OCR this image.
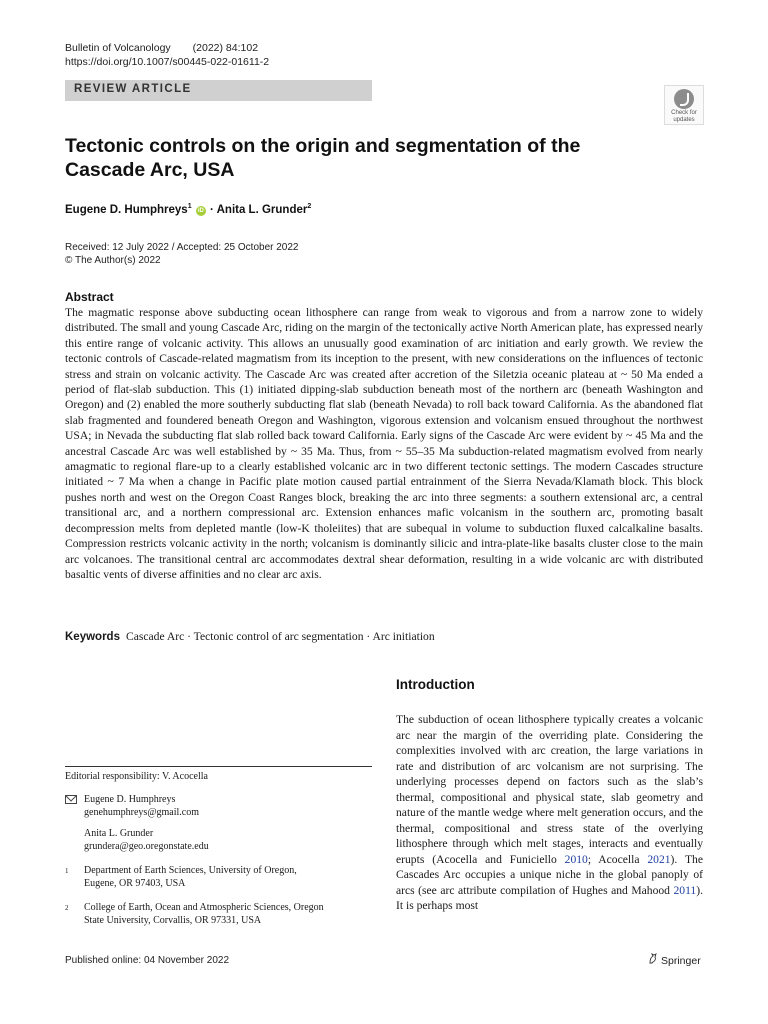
Bulletin of Volcanology (2022) 84:102
https://doi.org/10.1007/s00445-022-01611-2
REVIEW ARTICLE
Check for
updates
Tectonic controls on the origin and segmentation of the Cascade Arc, USA
Eugene D. Humphreys$^1$ iD · Anita L. Grunder$^2$
Received: 12 July 2022 / Accepted: 25 October 2022
© The Author(s) 2022
Abstract

The magmatic response above subducting ocean lithosphere can range from weak to vigorous and from a narrow zone to widely distributed. The small and young Cascade Arc, riding on the margin of the tectonically active North American plate, has expressed nearly this entire range of volcanic activity. This allows an unusually good examination of arc initiation and early growth. We review the tectonic controls of Cascade-related magmatism from its inception to the present, with new considerations on the influences of tectonic stress and strain on volcanic activity. The Cascade Arc was created after accretion of the Siletzia oceanic plateau at ~ 50 Ma ended a period of flat-slab subduction. This (1) initiated dipping-slab subduction beneath most of the northern arc (beneath Washington and Oregon) and (2) enabled the more southerly subducting flat slab (beneath Nevada) to roll back toward California. As the abandoned flat slab fragmented and foundered beneath Oregon and Washington, vigorous extension and volcanism ensued throughout the northwest USA; in Nevada the subducting flat slab rolled back toward California. Early signs of the Cascade Arc were evident by ~ 45 Ma and the ancestral Cascade Arc was well established by ~ 35 Ma. Thus, from ~ 55–35 Ma subduction-related magmatism evolved from nearly amagmatic to regional flare-up to a clearly established volcanic arc in two different tectonic settings. The modern Cascades structure initiated ~ 7 Ma when a change in Pacific plate motion caused partial entrainment of the Sierra Nevada/Klamath block. This block pushes north and west on the Oregon Coast Ranges block, breaking the arc into three segments: a southern extensional arc, a central transitional arc, and a northern compressional arc. Extension enhances mafic volcanism in the southern arc, promoting basalt decompression melts from depleted mantle (low-K tholeiites) that are subequal in volume to subduction fluxed calcalkaline basalts. Compression restricts volcanic activity in the north; volcanism is dominantly silicic and intra-plate-like basalts cluster close to the main arc volcanoes. The transitional central arc accommodates dextral shear deformation, resulting in a wide volcanic arc with distributed basaltic vents of diverse affinities and no clear arc axis.

Keywords Cascade Arc · Tectonic control of arc segmentation · Arc initiation
Introduction

The subduction of ocean lithosphere typically creates a volcanic arc near the margin of the overriding plate. Considering the complexities involved with arc creation, the large variations in rate and distribution of arc volcanism are not surprising. The underlying processes depend on factors such as the slab’s thermal, compositional and physical state, slab geometry and nature of the mantle wedge where melt generation occurs, and the thermal, compositional and stress state of the overlying lithosphere through which melt stages, interacts and eventually erupts (Acocella and Funiciello 2010; Acocella 2021). The Cascades Arc occupies a unique niche in the global panoply of arcs (see arc attribute compilation of Hughes and Mahood 2011). It is perhaps most

Editorial responsibility: V. Acocella
Eugene D. Humphreys
genehumphreys@gmail.com
Anita L. Grunder
grundera@geo.oregonstate.edu
1 Department of Earth Sciences, University of Oregon,
Eugene, OR 97403, USA
2 College of Earth, Ocean and Atmospheric Sciences, Oregon
State University, Corvallis, OR 97331, USA
Published online: 04 November 2022	Springer
